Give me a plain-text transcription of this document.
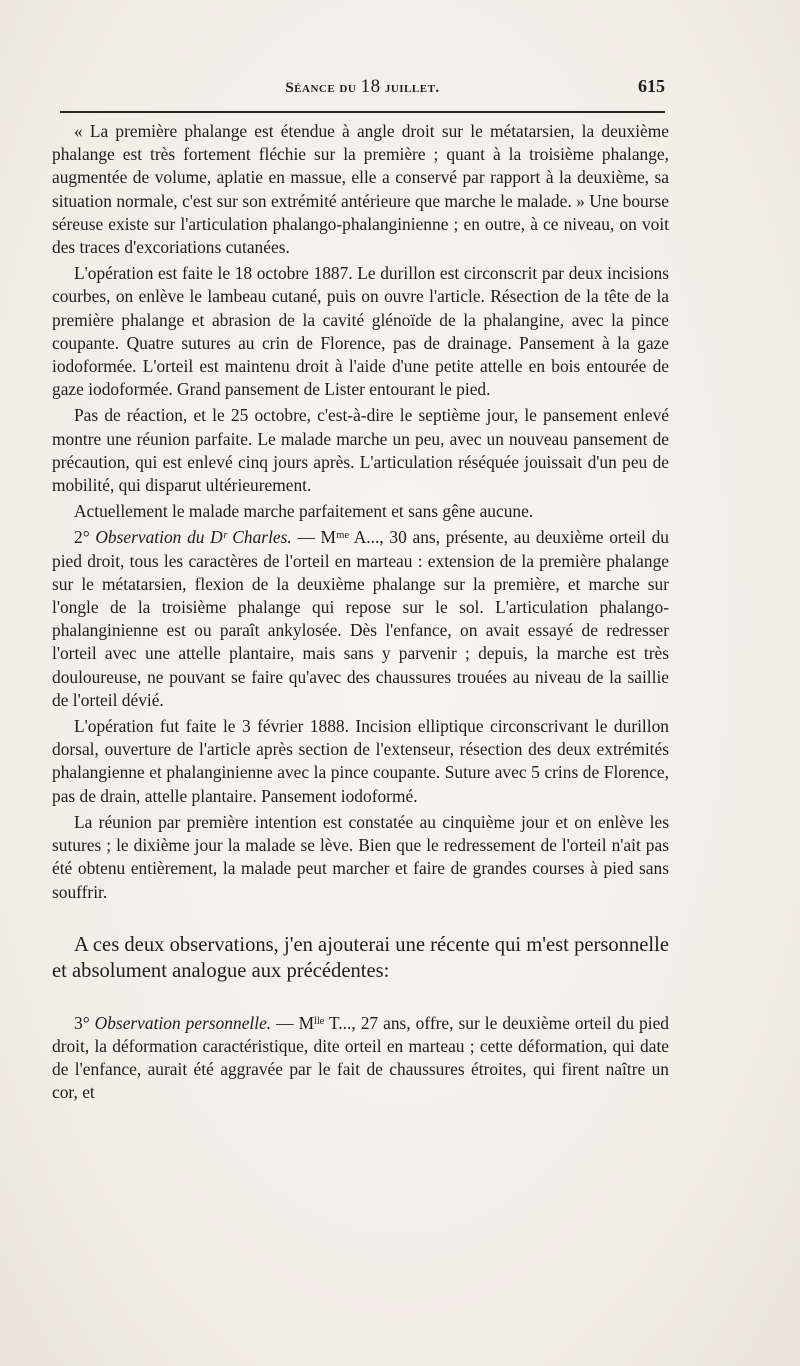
Séance du 18 juillet.	615

« La première phalange est étendue à angle droit sur le métatarsien, la deuxième phalange est très fortement fléchie sur la première ; quant à la troisième phalange, augmentée de volume, aplatie en massue, elle a conservé par rapport à la deuxième, sa situation normale, c'est sur son extrémité antérieure que marche le malade. » Une bourse séreuse existe sur l'articulation phalango-phalanginienne ; en outre, à ce niveau, on voit des traces d'excoriations cutanées.

L'opération est faite le 18 octobre 1887. Le durillon est circonscrit par deux incisions courbes, on enlève le lambeau cutané, puis on ouvre l'article. Résection de la tête de la première phalange et abrasion de la cavité glénoïde de la phalangine, avec la pince coupante. Quatre sutures au crin de Florence, pas de drainage. Pansement à la gaze iodoformée. L'orteil est maintenu droit à l'aide d'une petite attelle en bois entourée de gaze iodoformée. Grand pansement de Lister entourant le pied.

Pas de réaction, et le 25 octobre, c'est-à-dire le septième jour, le pansement enlevé montre une réunion parfaite. Le malade marche un peu, avec un nouveau pansement de précaution, qui est enlevé cinq jours après. L'articulation réséquée jouissait d'un peu de mobilité, qui disparut ultérieurement.

Actuellement le malade marche parfaitement et sans gêne aucune.

2° Observation du Dʳ Charles. — Mᵐᵉ A..., 30 ans, présente, au deuxième orteil du pied droit, tous les caractères de l'orteil en marteau : extension de la première phalange sur le métatarsien, flexion de la deuxième phalange sur la première, et marche sur l'ongle de la troisième phalange qui repose sur le sol. L'articulation phalango-phalanginienne est ou paraît ankylosée. Dès l'enfance, on avait essayé de redresser l'orteil avec une attelle plantaire, mais sans y parvenir ; depuis, la marche est très douloureuse, ne pouvant se faire qu'avec des chaussures trouées au niveau de la saillie de l'orteil dévié.

L'opération fut faite le 3 février 1888. Incision elliptique circonscrivant le durillon dorsal, ouverture de l'article après section de l'extenseur, résection des deux extrémités phalangienne et phalanginienne avec la pince coupante. Suture avec 5 crins de Florence, pas de drain, attelle plantaire. Pansement iodoformé.

La réunion par première intention est constatée au cinquième jour et on enlève les sutures ; le dixième jour la malade se lève. Bien que le redressement de l'orteil n'ait pas été obtenu entièrement, la malade peut marcher et faire de grandes courses à pied sans souffrir.

A ces deux observations, j'en ajouterai une récente qui m'est personnelle et absolument analogue aux précédentes:

3° Observation personnelle. — Mˡˡᵉ T..., 27 ans, offre, sur le deuxième orteil du pied droit, la déformation caractéristique, dite orteil en marteau ; cette déformation, qui date de l'enfance, aurait été aggravée par le fait de chaussures étroites, qui firent naître un cor, et
